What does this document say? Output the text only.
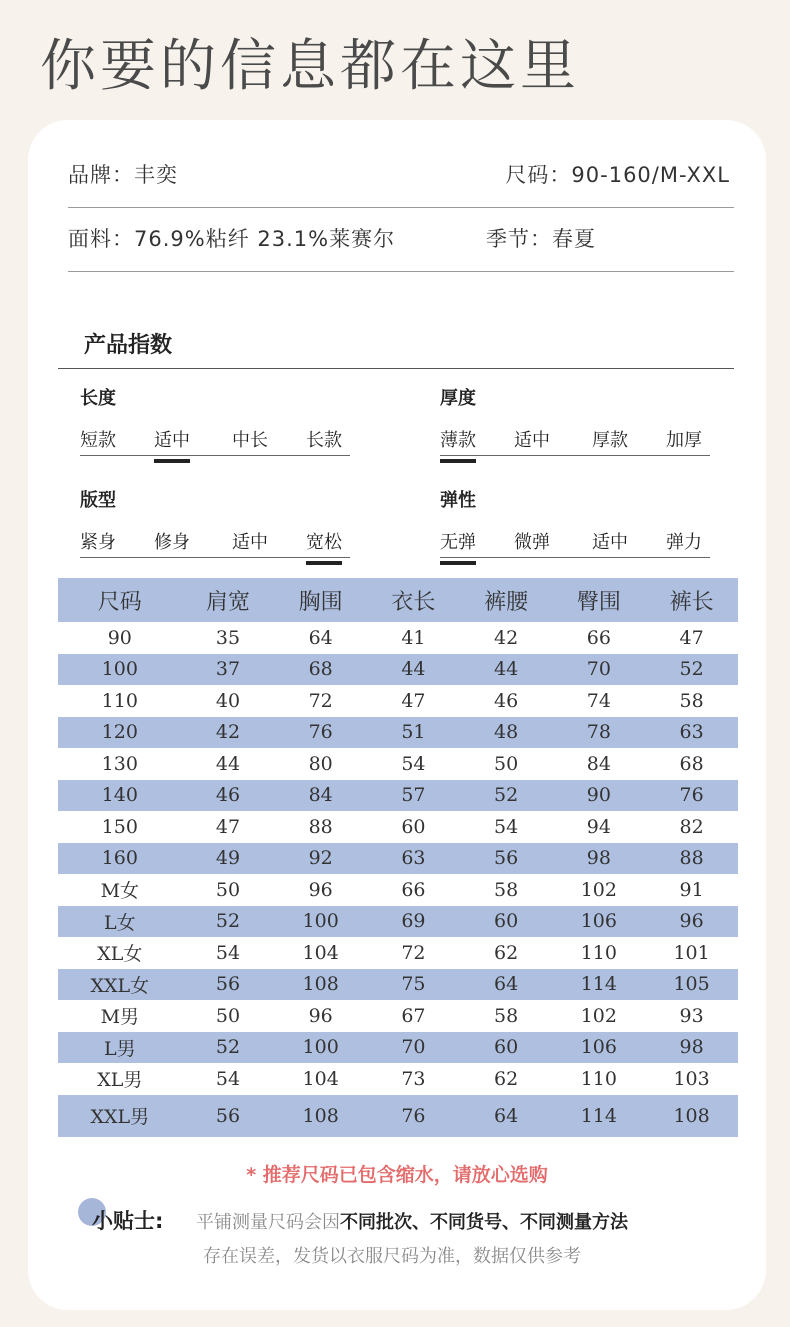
你要的信息都在这里
品牌：丰奕	尺码：90-160/M-XXL
面料：76.9%粘纤 23.1%莱赛尔	季节：春夏
产品指数
长度
短款 适中 中长 长款
厚度
薄款 适中 厚款 加厚
版型
紧身 修身 适中 宽松
弹性
无弹 微弹 适中 弹力
尺码	肩宽	胸围	衣长	裤腰	臀围	裤长
90	35	64	41	42	66	47
100	37	68	44	44	70	52
110	40	72	47	46	74	58
120	42	76	51	48	78	63
130	44	80	54	50	84	68
140	46	84	57	52	90	76
150	47	88	60	54	94	82
160	49	92	63	56	98	88
M女	50	96	66	58	102	91
L女	52	100	69	60	106	96
XL女	54	104	72	62	110	101
XXL女	56	108	75	64	114	105
M男	50	96	67	58	102	93
L男	52	100	70	60	106	98
XL男	54	104	73	62	110	103
XXL男	56	108	76	64	114	108
* 推荐尺码已包含缩水，请放心选购
小贴士: 平铺测量尺码会因不同批次、不同货号、不同测量方法
存在误差，发货以衣服尺码为准，数据仅供参考
